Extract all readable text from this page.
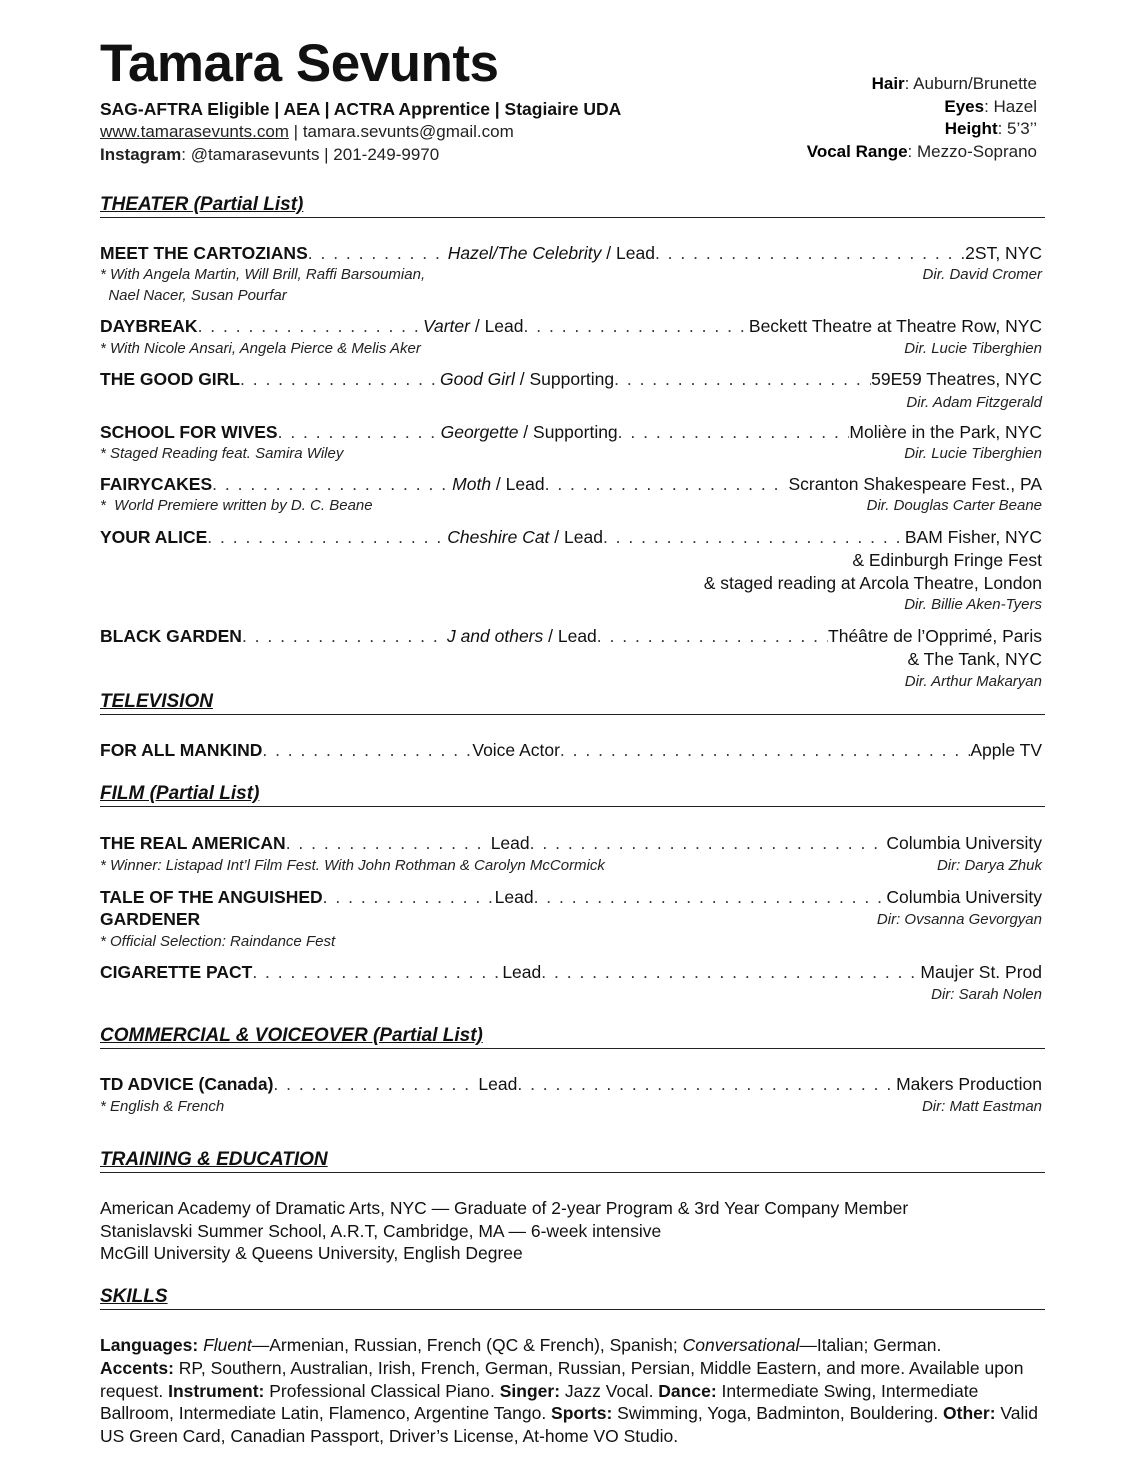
Tamara Sevunts
SAG-AFTRA Eligible | AEA | ACTRA Apprentice | Stagiaire UDA
www.tamarasevunts.com | tamara.sevunts@gmail.com
Instagram: @tamarasevunts | 201-249-9970
Hair: Auburn/Brunette
Eyes: Hazel
Height: 5’3’’
Vocal Range: Mezzo-Soprano
THEATER (Partial List)
MEET THE CARTOZIANS . . .	Hazel/The Celebrity / Lead . . .	2ST, NYC
* With Angela Martin, Will Brill, Raffi Barsoumian,
Nael Nacer, Susan Pourfar
Dir. David Cromer
DAYBREAK . . .	Varter / Lead . . .	Beckett Theatre at Theatre Row, NYC
* With Nicole Ansari, Angela Pierce & Melis Aker	Dir. Lucie Tiberghien
THE GOOD GIRL . . .	Good Girl / Supporting . . .	59E59 Theatres, NYC
Dir. Adam Fitzgerald
SCHOOL FOR WIVES . . .	Georgette / Supporting . . .	Molière in the Park, NYC
* Staged Reading feat. Samira Wiley	Dir. Lucie Tiberghien
FAIRYCAKES . . .	Moth / Lead . . .	Scranton Shakespeare Fest., PA
*  World Premiere written by D. C. Beane	Dir. Douglas Carter Beane
YOUR ALICE . . .	Cheshire Cat / Lead . . .	BAM Fisher, NYC
& Edinburgh Fringe Fest
& staged reading at Arcola Theatre, London
Dir. Billie Aken-Tyers
BLACK GARDEN . . .	J and others / Lead . . .	Théâtre de l’Opprimé, Paris
& The Tank, NYC
Dir. Arthur Makaryan
TELEVISION
FOR ALL MANKIND . . .	Voice Actor . . .	Apple TV
FILM (Partial List)
THE REAL AMERICAN . . .	Lead . . .	Columbia University
* Winner: Listapad Int’l Film Fest. With John Rothman & Carolyn McCormick	Dir: Darya Zhuk
TALE OF THE ANGUISHED . . .	Lead . . .	Columbia University
GARDENER	Dir: Ovsanna Gevorgyan
* Official Selection: Raindance Fest
CIGARETTE PACT . . .	Lead . . .	Maujer St. Prod
Dir: Sarah Nolen
COMMERCIAL & VOICEOVER (Partial List)
TD ADVICE (Canada) . . .	Lead . . .	Makers Production
* English & French	Dir: Matt Eastman
TRAINING & EDUCATION
American Academy of Dramatic Arts, NYC — Graduate of 2-year Program & 3rd Year Company Member
Stanislavski Summer School, A.R.T, Cambridge, MA — 6-week intensive
McGill University & Queens University, English Degree
SKILLS
Languages: Fluent—Armenian, Russian, French (QC & French), Spanish; Conversational—Italian; German.
Accents: RP, Southern, Australian, Irish, French, German, Russian, Persian, Middle Eastern, and more. Available upon request. Instrument: Professional Classical Piano. Singer: Jazz Vocal. Dance: Intermediate Swing, Intermediate Ballroom, Intermediate Latin, Flamenco, Argentine Tango. Sports: Swimming, Yoga, Badminton, Bouldering. Other: Valid US Green Card, Canadian Passport, Driver’s License, At-home VO Studio.
